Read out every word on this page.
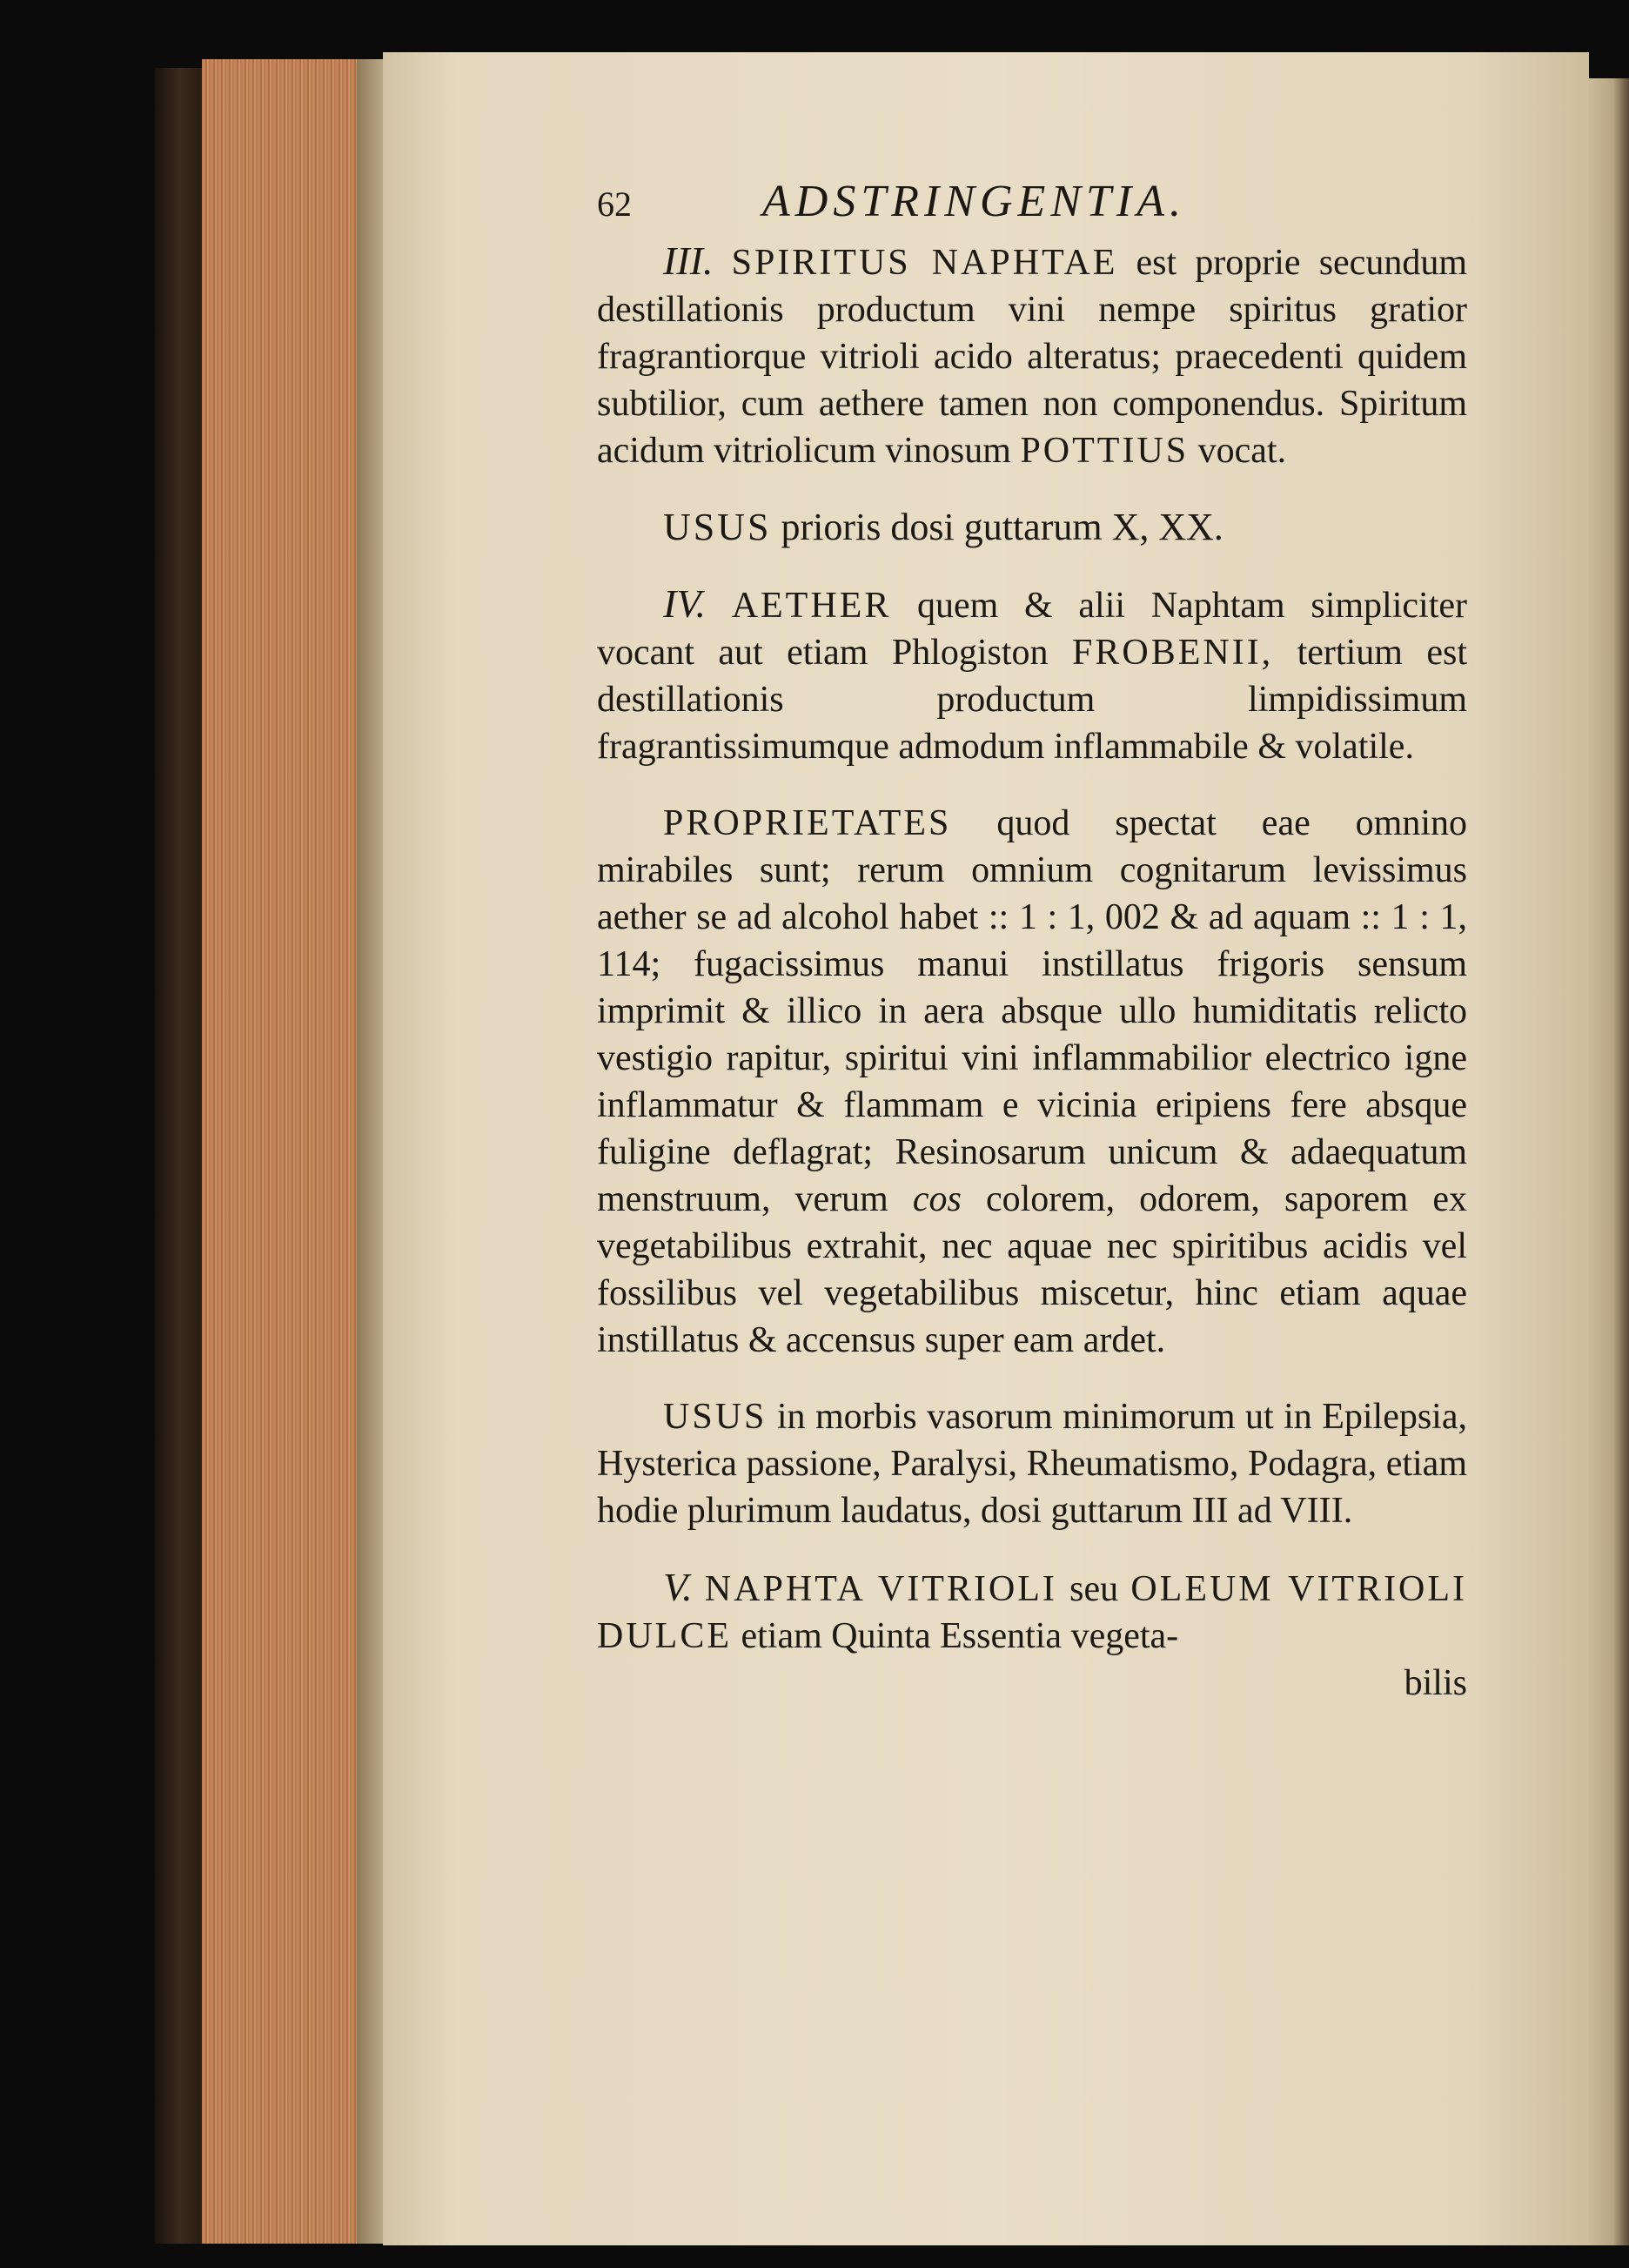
62	ADSTRINGENTIA.

III. SPIRITUS NAPHTAE est proprie secundum destillationis productum vini nempe spiritus gratior fragrantiorque vitrioli acido alteratus; praecedenti quidem subtilior, cum aethere tamen non componendus. Spiritum acidum vitriolicum vinosum POTTIUS vocat.

USUS prioris dosi guttarum X, XX.

IV. AETHER quem & alii Naphtam simpliciter vocant aut etiam Phlogiston FROBENII, tertium est destillationis productum limpidissimum fragrantissimumque admodum inflammabile & volatile.

PROPRIETATES quod spectat eae omnino mirabiles sunt; rerum omnium cognitarum levissimus aether se ad alcohol habet :: 1 : 1, 002 & ad aquam :: 1 : 1, 114; fugacissimus manui instillatus frigoris sensum imprimit & illico in aera absque ullo humiditatis relicto vestigio rapitur, spiritui vini inflammabilior electrico igne inflammatur & flammam e vicinia eripiens fere absque fuligine deflagrat; Resinosarum unicum & adaequatum menstruum, verum cos colorem, odorem, saporem ex vegetabilibus extrahit, nec aquae nec spiritibus acidis vel fossilibus vel vegetabilibus miscetur, hinc etiam aquae instillatus & accensus super eam ardet.

USUS in morbis vasorum minimorum ut in Epilepsia, Hysterica passione, Paralysi, Rheumatismo, Podagra, etiam hodie plurimum laudatus, dosi guttarum III ad VIII.

V. NAPHTA VITRIOLI seu OLEUM VITRIOLI DULCE etiam Quinta Essentia vegeta-

bilis
